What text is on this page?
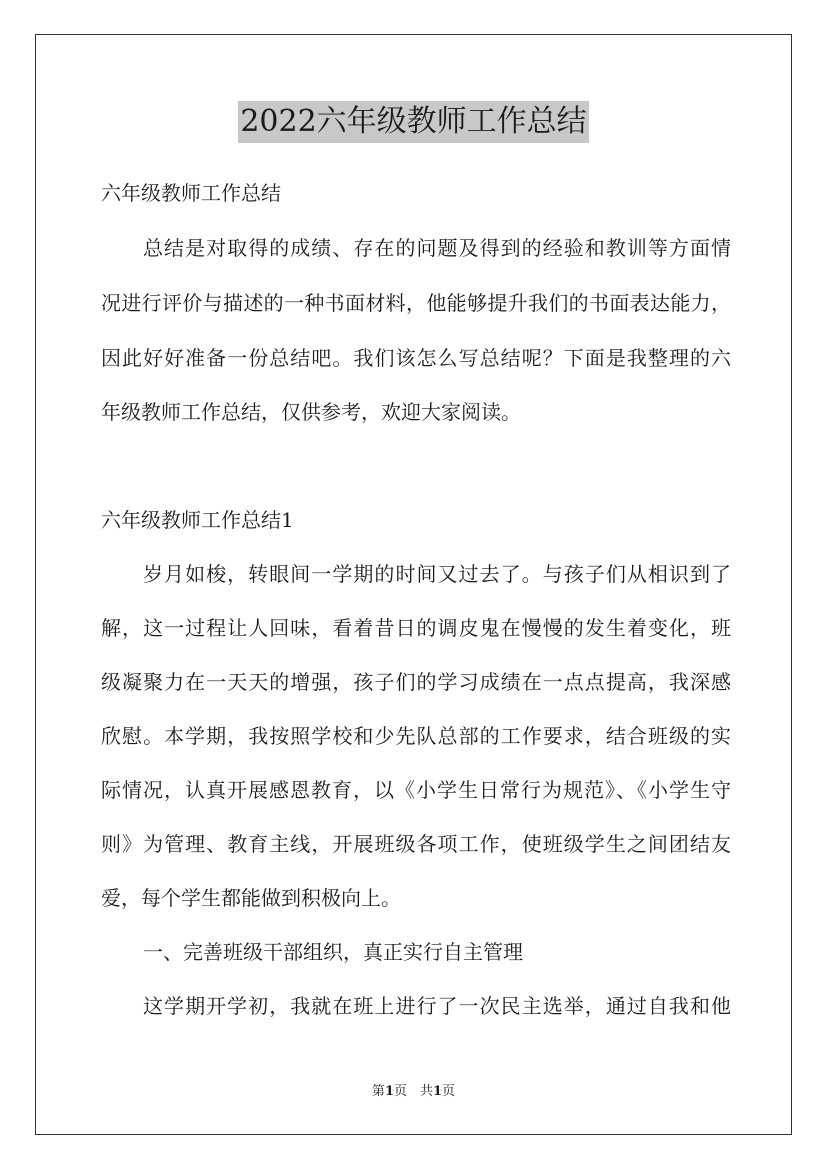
2022六年级教师工作总结
六年级教师工作总结
总结是对取得的成绩、存在的问题及得到的经验和教训等方面情
况进行评价与描述的一种书面材料，他能够提升我们的书面表达能力，
因此好好准备一份总结吧。我们该怎么写总结呢？下面是我整理的六
年级教师工作总结，仅供参考，欢迎大家阅读。
六年级教师工作总结1
岁月如梭，转眼间一学期的时间又过去了。与孩子们从相识到了
解，这一过程让人回味，看着昔日的调皮鬼在慢慢的发生着变化，班
级凝聚力在一天天的增强，孩子们的学习成绩在一点点提高，我深感
欣慰。本学期，我按照学校和少先队总部的工作要求，结合班级的实
际情况，认真开展感恩教育，以《小学生日常行为规范》、《小学生守
则》为管理、教育主线，开展班级各项工作，使班级学生之间团结友
爱，每个学生都能做到积极向上。
一、完善班级干部组织，真正实行自主管理
这学期开学初，我就在班上进行了一次民主选举，通过自我和他
第1页　共1页
